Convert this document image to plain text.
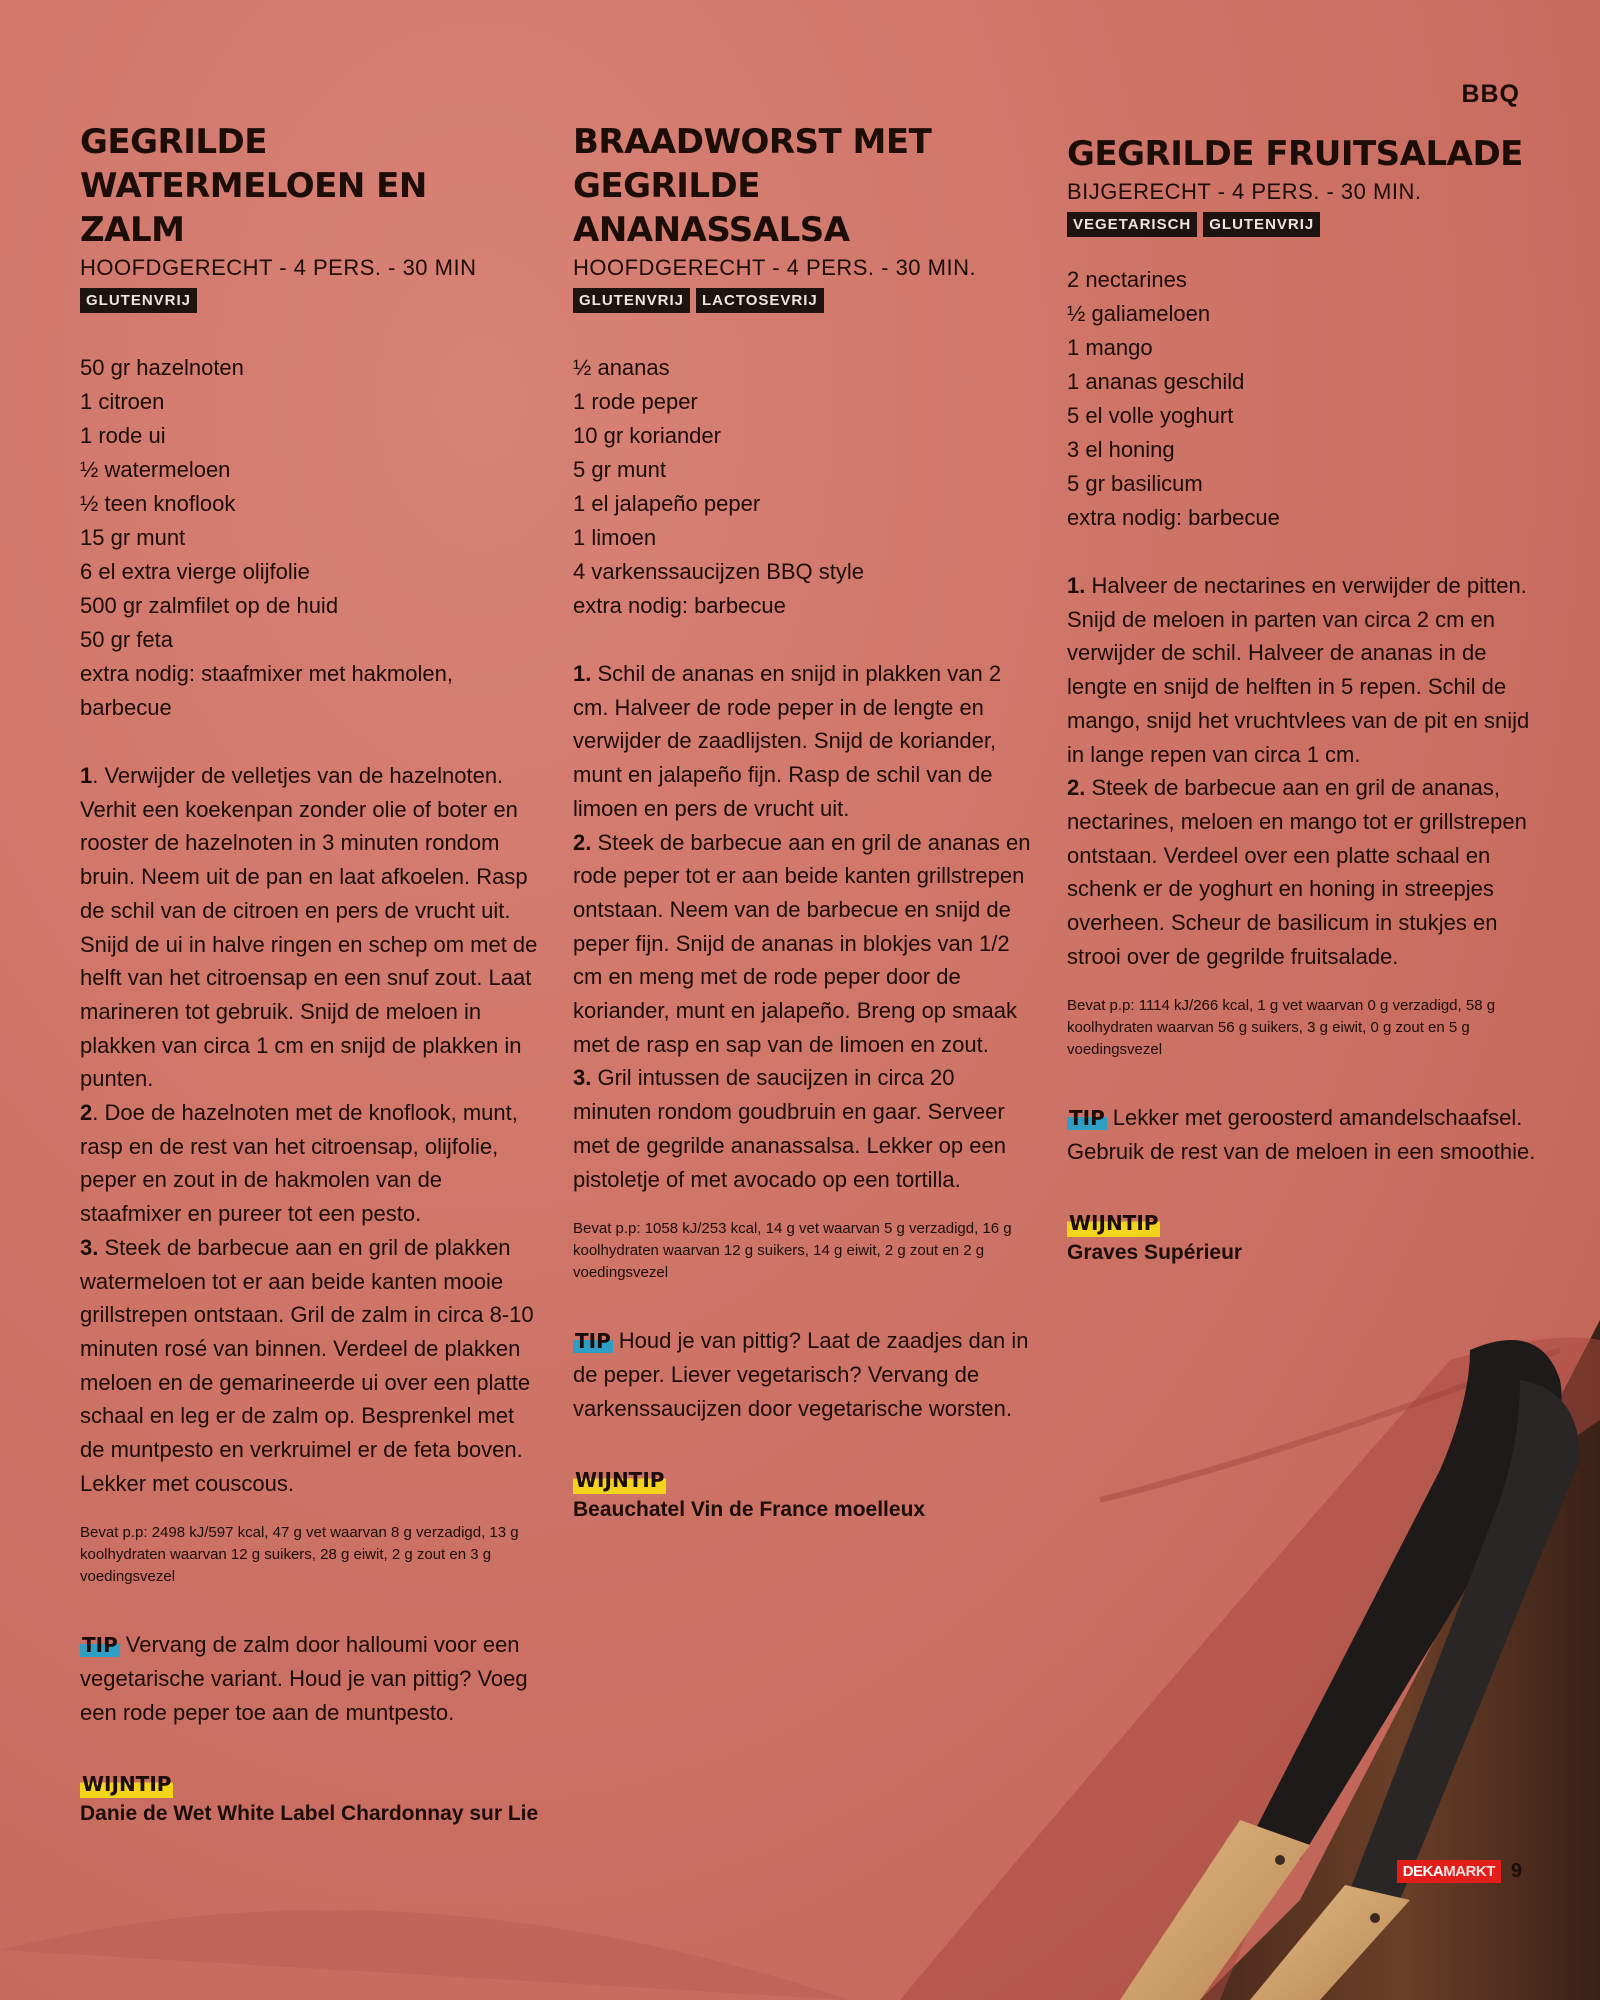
BBQ
GEGRILDE
WATERMELOEN EN ZALM
HOOFDGERECHT - 4 PERS. - 30 MIN
GLUTENVRIJ
50 gr hazelnoten
1 citroen
1 rode ui
½ watermeloen
½ teen knoflook
15 gr munt
6 el extra vierge olijfolie
500 gr zalmfilet op de huid
50 gr feta
extra nodig: staafmixer met hakmolen, barbecue

1. Verwijder de velletjes van de hazelnoten. Verhit een koekenpan zonder olie of boter en rooster de hazelnoten in 3 minuten rondom bruin. Neem uit de pan en laat afkoelen. Rasp de schil van de citroen en pers de vrucht uit. Snijd de ui in halve ringen en schep om met de helft van het citroensap en een snuf zout. Laat marineren tot gebruik. Snijd de meloen in plakken van circa 1 cm en snijd de plakken in punten.

2. Doe de hazelnoten met de knoflook, munt, rasp en de rest van het citroensap, olijfolie, peper en zout in de hakmolen van de staafmixer en pureer tot een pesto.

3. Steek de barbecue aan en gril de plakken watermeloen tot er aan beide kanten mooie grillstrepen ontstaan. Gril de zalm in circa 8-10 minuten rosé van binnen. Verdeel de plakken meloen en de gemarineerde ui over een platte schaal en leg er de zalm op. Besprenkel met de muntpesto en verkruimel er de feta boven. Lekker met couscous.

Bevat p.p: 2498 kJ/597 kcal, 47 g vet waarvan 8 g verzadigd, 13 g koolhydraten waarvan 12 g suikers, 28 g eiwit, 2 g zout en 3 g voedingsvezel

TIP Vervang de zalm door halloumi voor een vegetarische variant. Houd je van pittig? Voeg een rode peper toe aan de muntpesto.

WIJNTIP
Danie de Wet White Label Chardonnay sur Lie
BRAADWORST MET
GEGRILDE ANANASSALSA
HOOFDGERECHT - 4 PERS. - 30 MIN.
GLUTENVRIJ	LACTOSEVRIJ
½ ananas
1 rode peper
10 gr koriander
5 gr munt
1 el jalapeño peper
1 limoen
4 varkenssaucijzen BBQ style
extra nodig: barbecue

1. Schil de ananas en snijd in plakken van 2 cm. Halveer de rode peper in de lengte en verwijder de zaadlijsten. Snijd de koriander, munt en jalapeño fijn. Rasp de schil van de limoen en pers de vrucht uit.

2. Steek de barbecue aan en gril de ananas en rode peper tot er aan beide kanten grillstrepen ontstaan. Neem van de barbecue en snijd de peper fijn. Snijd de ananas in blokjes van 1/2 cm en meng met de rode peper door de koriander, munt en jalapeño. Breng op smaak met de rasp en sap van de limoen en zout.

3. Gril intussen de saucijzen in circa 20 minuten rondom goudbruin en gaar. Serveer met de gegrilde ananassalsa. Lekker op een pistoletje of met avocado op een tortilla.

Bevat p.p: 1058 kJ/253 kcal, 14 g vet waarvan 5 g verzadigd, 16 g koolhydraten waarvan 12 g suikers, 14 g eiwit, 2 g zout en 2 g voedingsvezel

TIP Houd je van pittig? Laat de zaadjes dan in de peper. Liever vegetarisch? Vervang de varkenssaucijzen door vegetarische worsten.

WIJNTIP
Beauchatel Vin de France moelleux
GEGRILDE FRUITSALADE
BIJGERECHT - 4 PERS. - 30 MIN.
VEGETARISCH	GLUTENVRIJ
2 nectarines
½ galiameloen
1 mango
1 ananas geschild
5 el volle yoghurt
3 el honing
5 gr basilicum
extra nodig: barbecue

1. Halveer de nectarines en verwijder de pitten. Snijd de meloen in parten van circa 2 cm en verwijder de schil. Halveer de ananas in de lengte en snijd de helften in 5 repen. Schil de mango, snijd het vruchtvlees van de pit en snijd in lange repen van circa 1 cm.

2. Steek de barbecue aan en gril de ananas, nectarines, meloen en mango tot er grillstrepen ontstaan. Verdeel over een platte schaal en schenk er de yoghurt en honing in streepjes overheen. Scheur de basilicum in stukjes en strooi over de gegrilde fruitsalade.

Bevat p.p: 1114 kJ/266 kcal, 1 g vet waarvan 0 g verzadigd, 58 g koolhydraten waarvan 56 g suikers, 3 g eiwit, 0 g zout en 5 g voedingsvezel

TIP Lekker met geroosterd amandelschaafsel. Gebruik de rest van de meloen in een smoothie.

WIJNTIP
Graves Supérieur
DEKAMARKT 9
